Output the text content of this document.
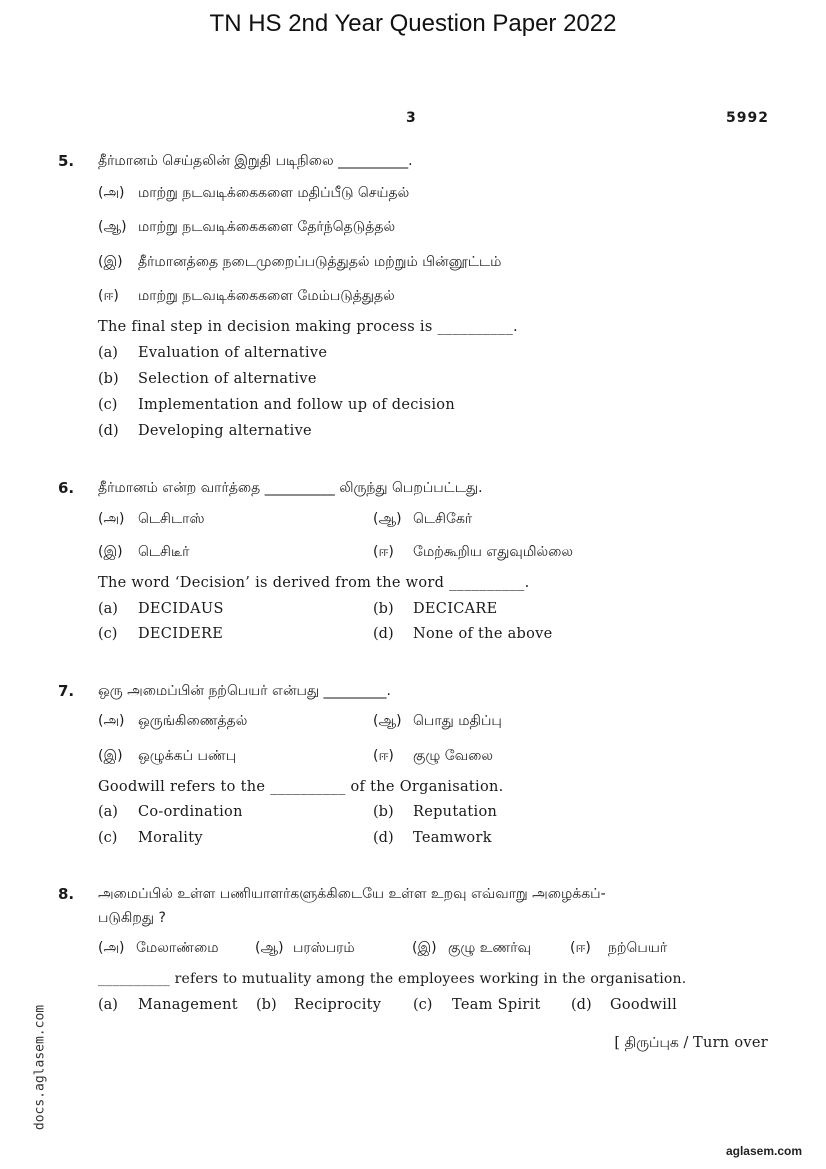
TN HS 2nd Year Question Paper 2022
3	5992
5. தீர்மானம் செய்தலின் இறுதி படிநிலை __________.
(அ) மாற்று நடவடிக்கைகளை மதிப்பீடு செய்தல்
(ஆ) மாற்று நடவடிக்கைகளை தேர்ந்தெடுத்தல்
(இ) தீர்மானத்தை நடைமுறைப்படுத்துதல் மற்றும் பின்னூட்டம்
(ஈ) மாற்று நடவடிக்கைகளை மேம்படுத்துதல்
The final step in decision making process is __________.
(a) Evaluation of alternative
(b) Selection of alternative
(c) Implementation and follow up of decision
(d) Developing alternative
6. தீர்மானம் என்ற வார்த்தை __________ லிருந்து பெறப்பட்டது.
(அ) டெசிடாஸ்	(ஆ) டெசிகேர்
(இ) டெசிடீர்	(ஈ) மேற்கூறிய எதுவுமில்லை
The word ‘Decision’ is derived from the word __________.
(a) DECIDAUS	(b) DECICARE
(c) DECIDERE	(d) None of the above
7. ஒரு அமைப்பின் நற்பெயர் என்பது _________.
(அ) ஒருங்கிணைத்தல்	(ஆ) பொது மதிப்பு
(இ) ஒழுக்கப் பண்பு	(ஈ) குழு வேலை
Goodwill refers to the __________ of the Organisation.
(a) Co-ordination	(b) Reputation
(c) Morality	(d) Teamwork
8. அமைப்பில் உள்ள பணியாளர்களுக்கிடையே உள்ள உறவு எவ்வாறு அழைக்கப்-
படுகிறது ?
(அ) மேலாண்மை	(ஆ) பரஸ்பரம்	(இ) குழு உணர்வு	(ஈ) நற்பெயர்
__________ refers to mutuality among the employees working in the organisation.
(a) Management (b) Reciprocity (c) Team Spirit (d) Goodwill
[ திருப்புக / Turn over
docs.aglasem.com
aglasem.com
